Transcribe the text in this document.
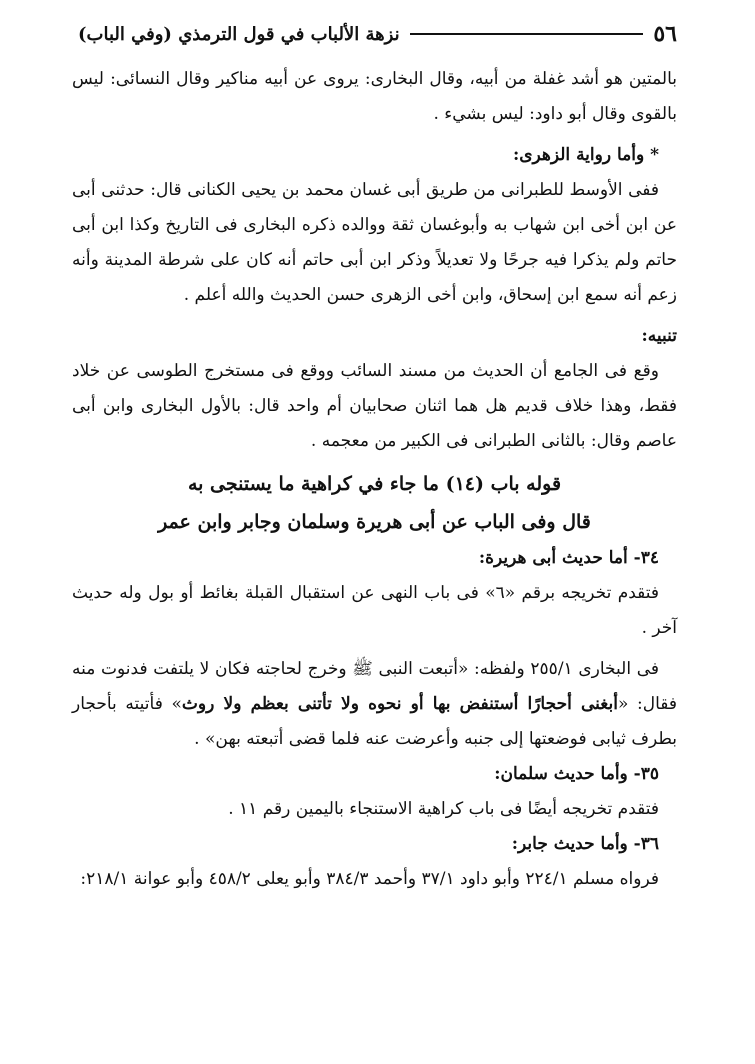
٥٦
نزهة الألباب في قول الترمذي (وفي الباب)

بالمتين هو أشد غفلة من أبيه، وقال البخارى: يروى عن أبيه مناكير وقال النسائى: ليس بالقوى وقال أبو داود: ليس بشيء .

* وأما رواية الزهرى:

ففى الأوسط للطبرانى من طريق أبى غسان محمد بن يحيى الكنانى قال: حدثنى أبى عن ابن أخى ابن شهاب به وأبوغسان ثقة ووالده ذكره البخارى فى التاريخ وكذا ابن أبى حاتم ولم يذكرا فيه جرحًا ولا تعديلاً وذكر ابن أبى حاتم أنه كان على شرطة المدينة وأنه زعم أنه سمع ابن إسحاق، وابن أخى الزهرى حسن الحديث والله أعلم .

تنبيه:

وقع فى الجامع أن الحديث من مسند السائب ووقع فى مستخرج الطوسى عن خلاد فقط، وهذا خلاف قديم هل هما اثنان صحابيان أم واحد قال: بالأول البخارى وابن أبى عاصم وقال: بالثانى الطبرانى فى الكبير من معجمه .

قوله باب (١٤) ما جاء في كراهية ما يستنجى به

قال وفى الباب عن أبى هريرة وسلمان وجابر وابن عمر

٣٤- أما حديث أبى هريرة:

فتقدم تخريجه برقم «٦» فى باب النهى عن استقبال القبلة بغائط أو بول وله حديث آخر .

فى البخارى ٢٥٥/١ ولفظه: «أتبعت النبى ﷺ وخرج لحاجته فكان لا يلتفت فدنوت منه فقال: «أبغنى أحجارًا أستنفض بها أو نحوه ولا تأتنى بعظم ولا روث» فأتيته بأحجار بطرف ثيابى فوضعتها إلى جنبه وأعرضت عنه فلما قضى أتبعته بهن» .

٣٥- وأما حديث سلمان:

فتقدم تخريجه أيضًا فى باب كراهية الاستنجاء باليمين رقم ١١ .

٣٦- وأما حديث جابر:

فرواه مسلم ٢٢٤/١ وأبو داود ٣٧/١ وأحمد ٣٨٤/٣ وأبو يعلى ٤٥٨/٢ وأبو عوانة ٢١٨/١:
